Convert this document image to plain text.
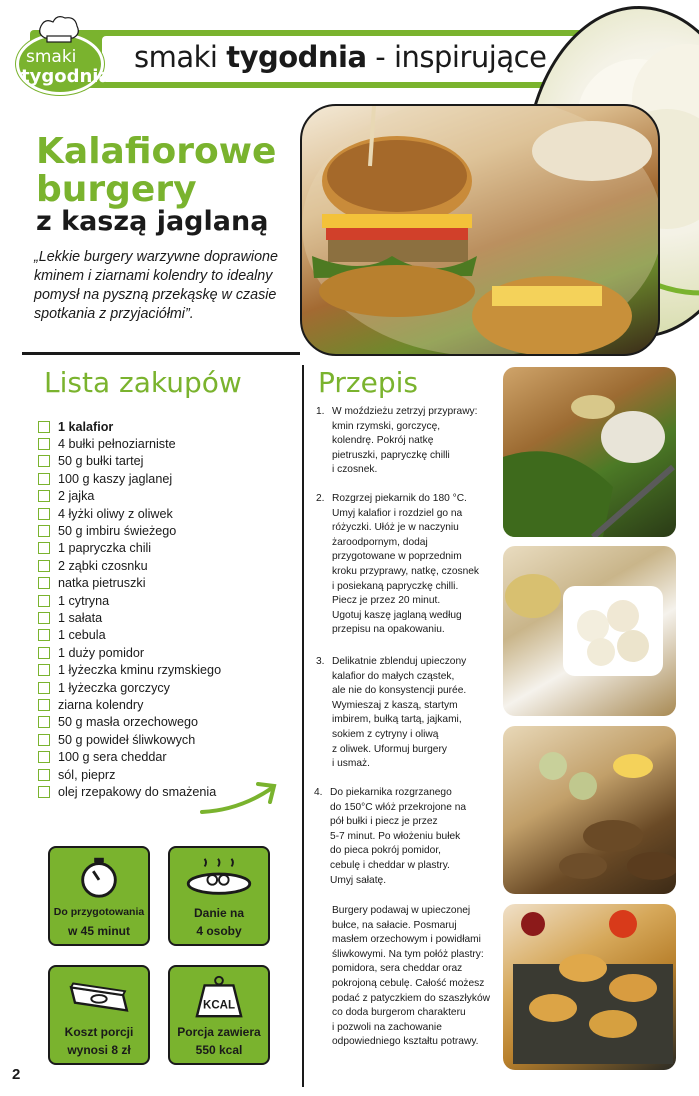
smaki tygodnia - inspirujące
smaki
tygodnia
Kalafiorowe
burgery
z kaszą jaglaną
„Lekkie burgery warzywne doprawione kminem i ziarnami kolendry to idealny pomysł na pyszną przekąskę w czasie spotkania z przyjaciółmi”.
Lista zakupów
1 kalafior
4 bułki pełnoziarniste
50 g bułki tartej
100 g kaszy jaglanej
2 jajka
4 łyżki oliwy z oliwek
50 g imbiru świeżego
1 papryczka chili
2 ząbki czosnku
natka pietruszki
1 cytryna
1 sałata
1 cebula
1 duży pomidor
1 łyżeczka kminu rzymskiego
1 łyżeczka gorczycy
ziarna kolendry
50 g masła orzechowego
50 g powideł śliwkowych
100 g sera cheddar
sól, pieprz
olej rzepakowy do smażenia
Do przygotowania
w 45 minut
Danie na
4 osoby
Koszt porcji
wynosi 8 zł
KCAL
Porcja zawiera
550 kcal
2
Przepis
1. W moździeżu zetrzyj przyprawy:
kmin rzymski, gorczycę,
kolendrę. Pokrój natkę
pietruszki, papryczkę chilli
i czosnek.
2. Rozgrzej piekarnik do 180 °C.
Umyj kalafior i rozdziel go na
różyczki. Ułóż je w naczyniu
żaroodpornym, dodaj
przygotowane w poprzednim
kroku przyprawy, natkę, czosnek
i posiekaną papryczkę chilli.
Piecz je przez 20 minut.
Ugotuj kaszę jaglaną według
przepisu na opakowaniu.
3. Delikatnie zblenduj upieczony
kalafior do małych cząstek,
ale nie do konsystencji purée.
Wymieszaj z kaszą, startym
imbirem, bułką tartą, jajkami,
sokiem z cytryny i oliwą
z oliwek. Uformuj burgery
i usmaż.
4. Do piekarnika rozgrzanego
do 150°C włóż przekrojone na
pół bułki i piecz je przez
5-7 minut. Po włożeniu bułek
do pieca pokrój pomidor,
cebulę i cheddar w plastry.
Umyj sałatę.
Burgery podawaj w upieczonej
bułce, na sałacie. Posmaruj
masłem orzechowym i powidłami
śliwkowymi. Na tym połóż plastry:
pomidora, sera cheddar oraz
pokrojoną cebulę. Całość możesz
podać z patyczkiem do szaszłyków
co doda burgerom charakteru
i pozwoli na zachowanie
odpowiedniego kształtu potrawy.
